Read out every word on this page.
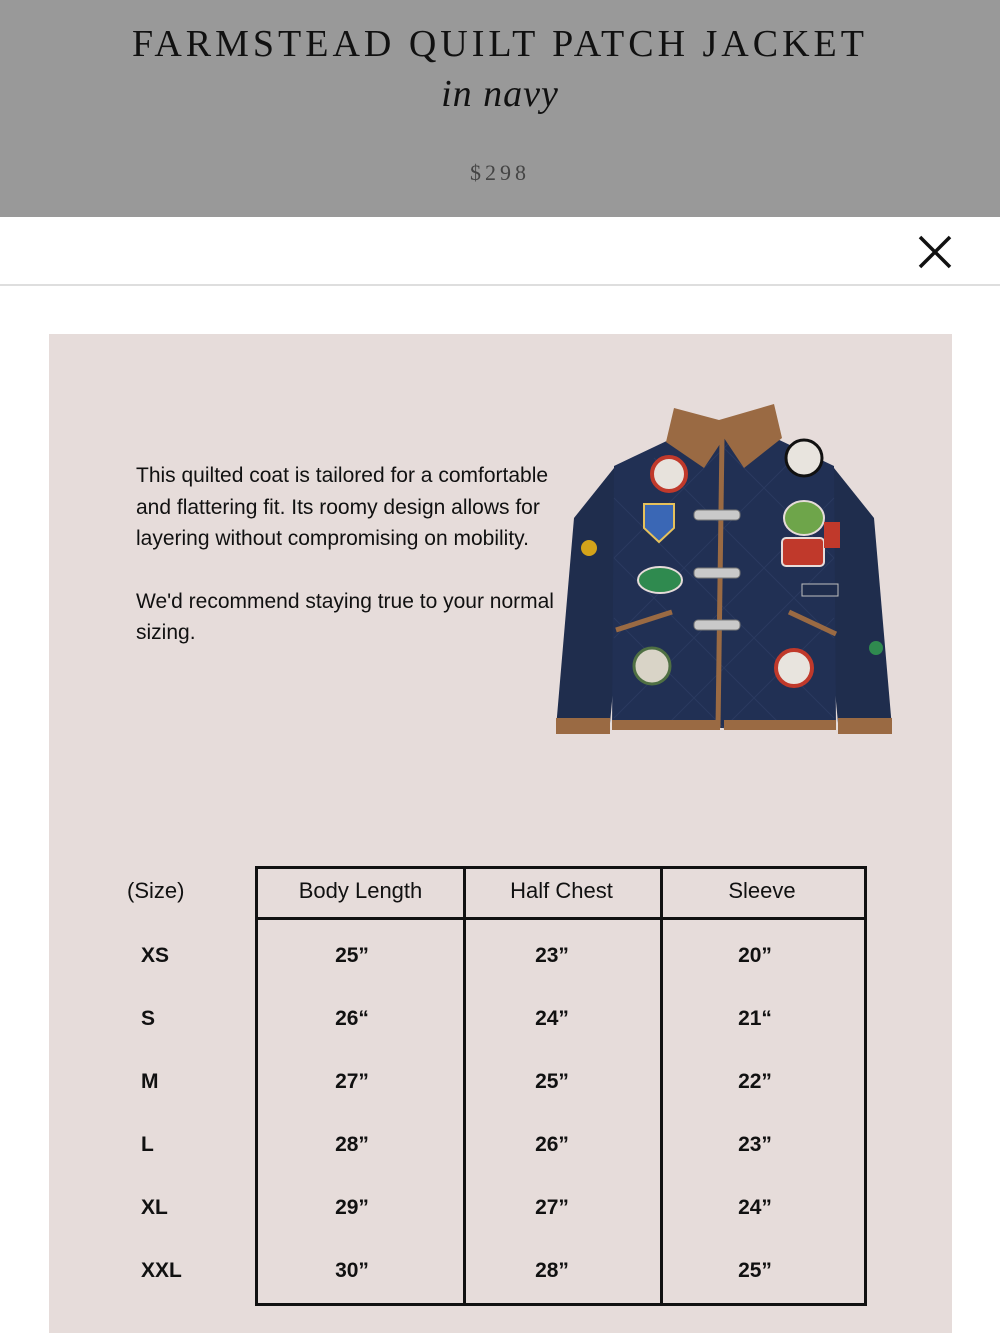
FARMSTEAD QUILT PATCH JACKET
in navy
$298

This quilted coat is tailored for a comfortable and flattering fit. Its roomy design allows for layering without compromising on mobility.

We'd recommend staying true to your normal sizing.

(Size)	Body Length	Half Chest	Sleeve
XS	25”	23”	20”
S	26“	24”	21“
M	27”	25”	22”
L	28”	26”	23”
XL	29”	27”	24”
XXL	30”	28”	25”
